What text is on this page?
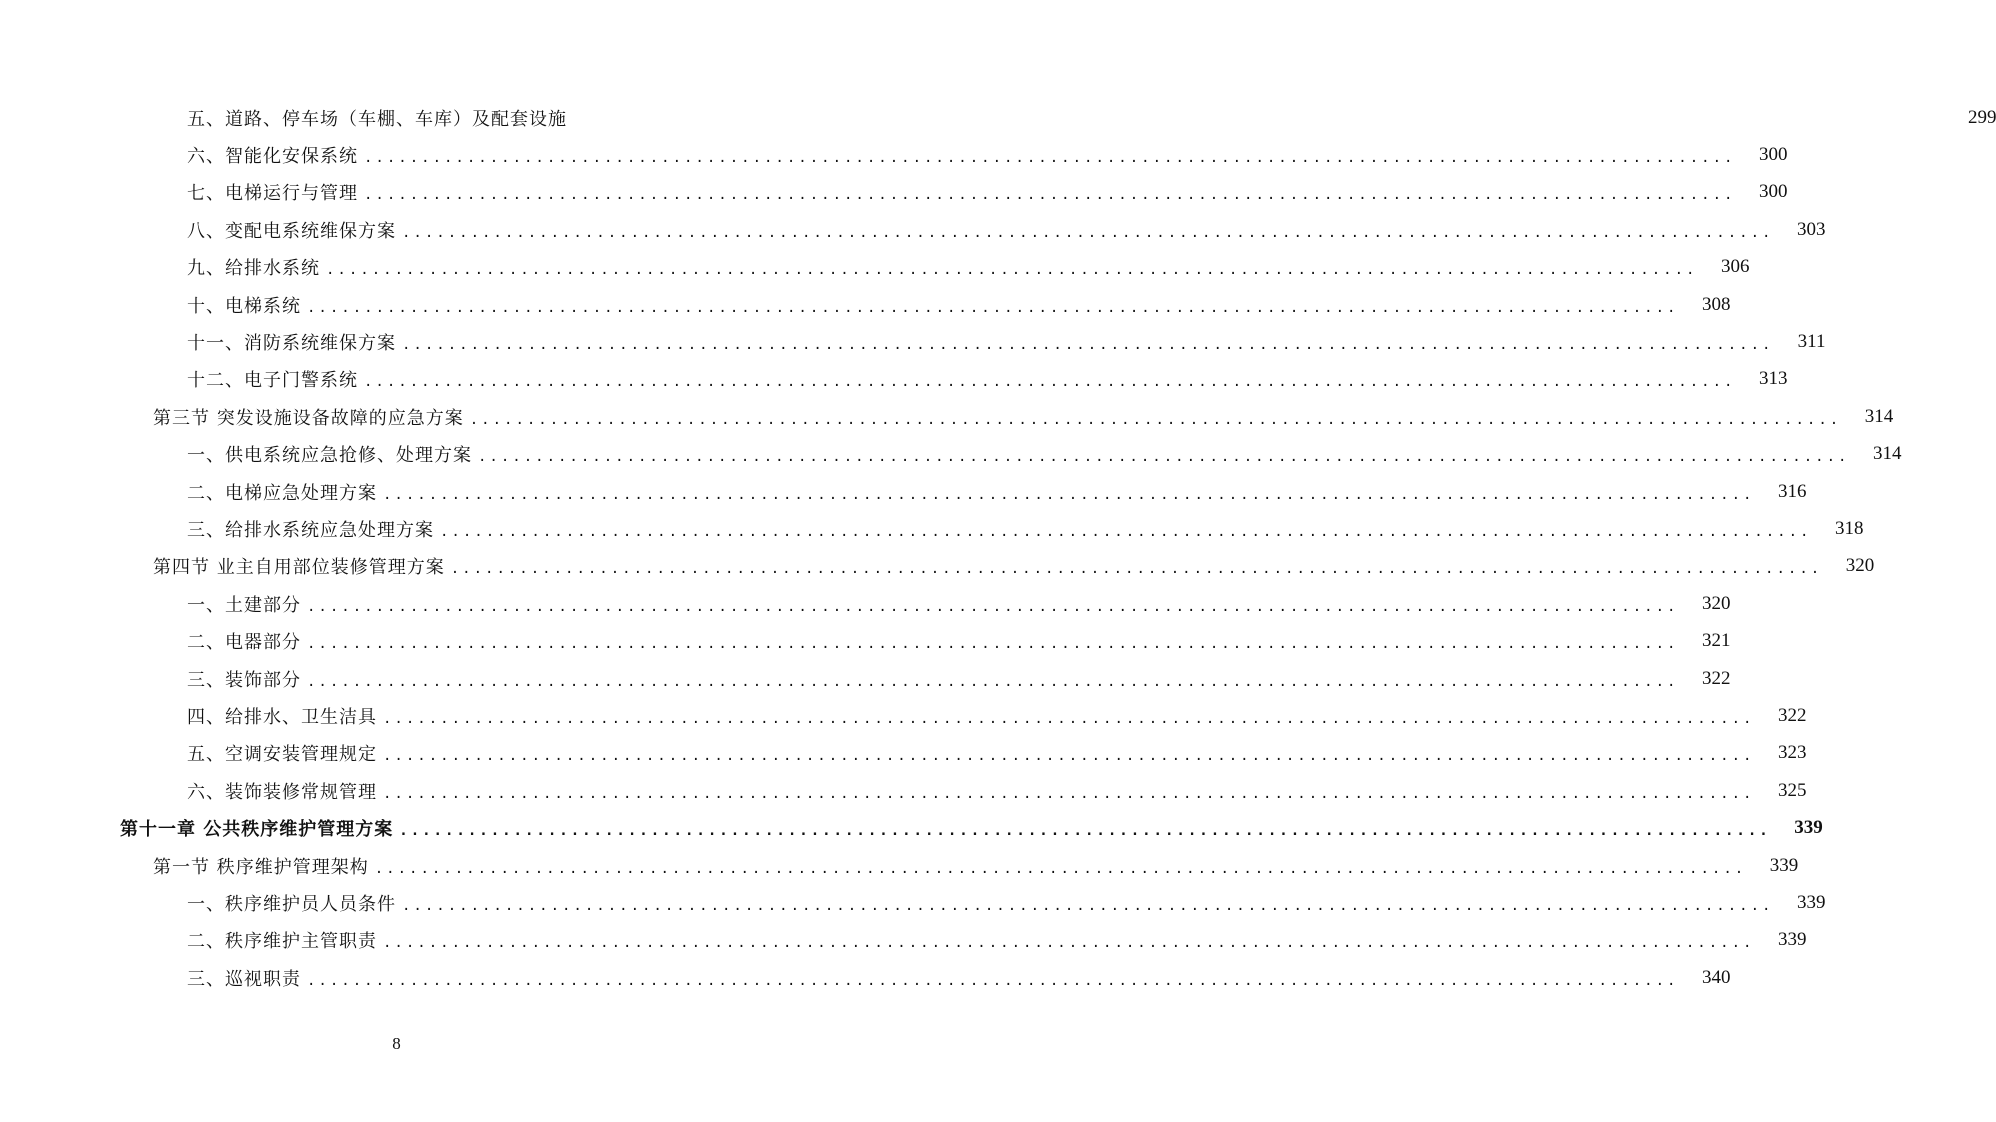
五、道路、停车场（车棚、车库）及配套设施	299
六、智能化安保系统 ........................................................................................................................	300
七、电梯运行与管理 ........................................................................................................................	300
八、变配电系统维保方案 ........................................................................................................................	303
九、给排水系统 ........................................................................................................................	306
十、电梯系统 ........................................................................................................................	308
十一、消防系统维保方案 ........................................................................................................................	311
十二、电子门警系统 ........................................................................................................................	313
第三节 突发设施设备故障的应急方案 ........................................................................................................................	314
一、供电系统应急抢修、处理方案 ........................................................................................................................	314
二、电梯应急处理方案 ........................................................................................................................	316
三、给排水系统应急处理方案 ........................................................................................................................	318
第四节 业主自用部位装修管理方案 ........................................................................................................................	320
一、土建部分 ........................................................................................................................	320
二、电器部分 ........................................................................................................................	321
三、装饰部分 ........................................................................................................................	322
四、给排水、卫生洁具 ........................................................................................................................	322
五、空调安装管理规定 ........................................................................................................................	323
六、装饰装修常规管理 ........................................................................................................................	325
第十一章 公共秩序维护管理方案 ........................................................................................................................	339
第一节 秩序维护管理架构 ........................................................................................................................	339
一、秩序维护员人员条件 ........................................................................................................................	339
二、秩序维护主管职责 ........................................................................................................................	339
三、巡视职责 ........................................................................................................................	340
8
